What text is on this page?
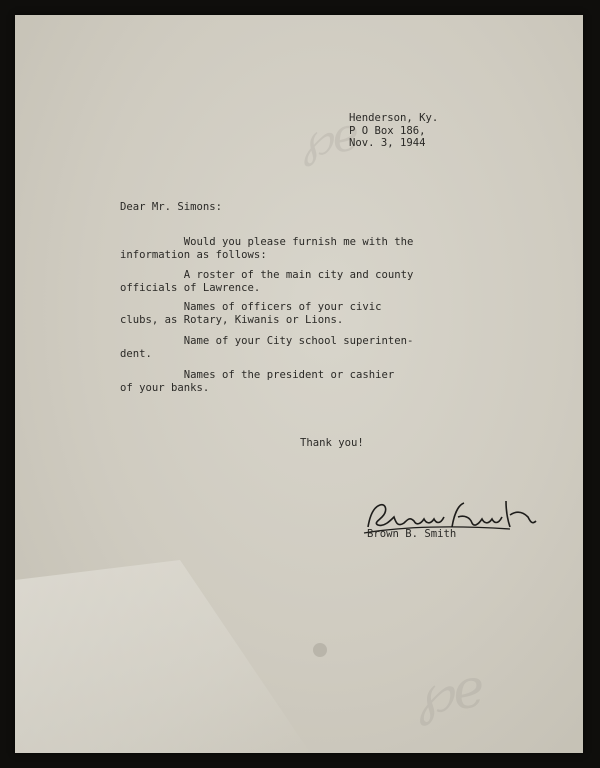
℘e
℘e
Henderson, Ky.
P O Box 186,
Nov. 3, 1944
Dear Mr. Simons:
Would you please furnish me with the
information as follows:
A roster of the main city and county
officials of Lawrence.
Names of officers of your civic
clubs, as Rotary, Kiwanis or Lions.
Name of your City school superinten-
dent.
Names of the president or cashier
of your banks.
Thank you!
Brown B. Smith
